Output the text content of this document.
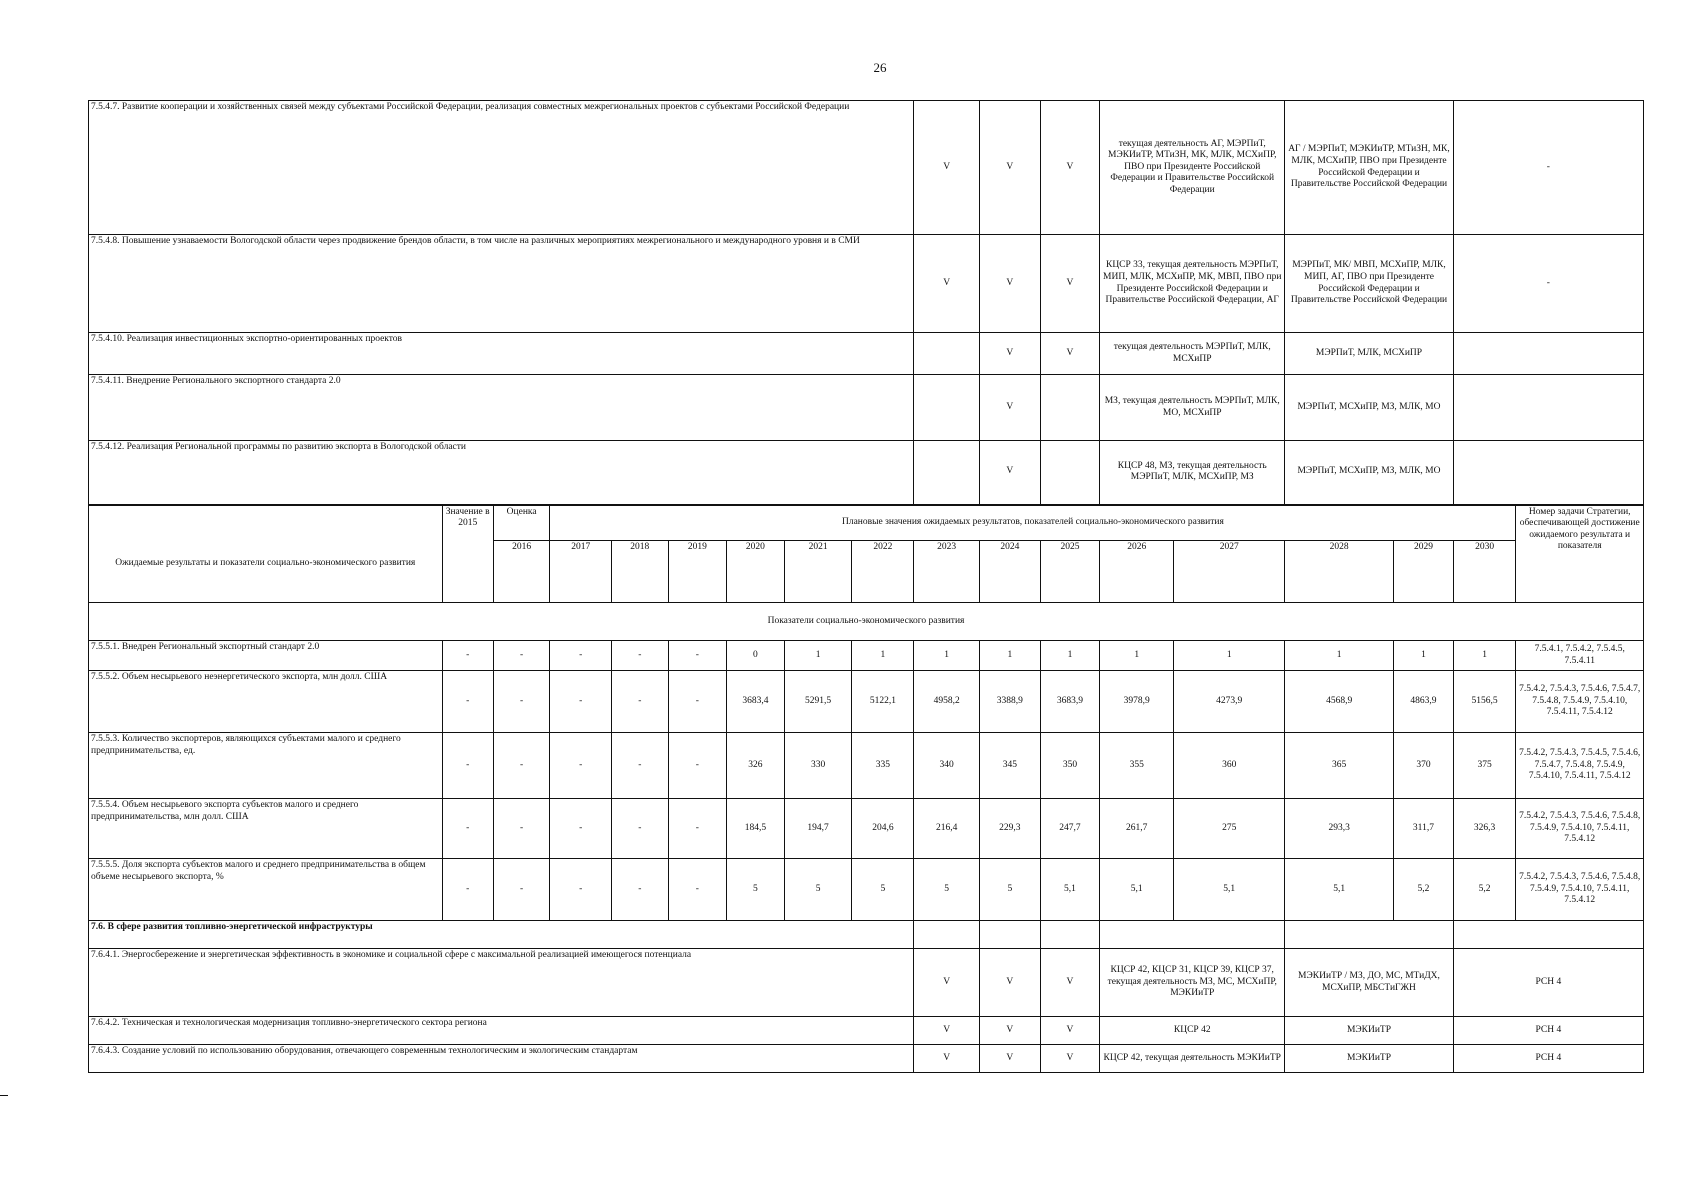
26
7.5.4.7. Развитие кооперации и хозяйственных связей между субъектами Российской Федерации, реализация совместных межрегиональных проектов с субъектами Российской Федерации									V	V	V	текущая деятельность АГ, МЭРПиТ, МЭКИиТР, МТиЗН, МК, МЛК, МСХиПР, ПВО при Президенте Российской Федерации и Правительстве Российской Федерации		АГ / МЭРПиТ, МЭКИиТР, МТиЗН, МК, МЛК, МСХиПР, ПВО при Президенте Российской Федерации и Правительстве Российской Федерации		-	
7.5.4.8. Повышение узнаваемости Вологодской области через продвижение брендов области, в том числе на различных мероприятиях межрегионального и международного уровня и в СМИ									V	V	V	КЦСР 33, текущая деятельность МЭРПиТ, МИП, МЛК, МСХиПР, МК, МВП, ПВО при Президенте Российской Федерации и Правительстве Российской Федерации, АГ		МЭРПиТ, МК/ МВП, МСХиПР, МЛК, МИП, АГ, ПВО при Президенте Российской Федерации и Правительстве Российской Федерации		-	
7.5.4.10. Реализация инвестиционных экспортно-ориентированных проектов										V	V	текущая деятельность МЭРПиТ, МЛК, МСХиПР		МЭРПиТ, МЛК, МСХиПР			
7.5.4.11. Внедрение Регионального экспортного стандарта 2.0										V		МЗ, текущая деятельность МЭРПиТ, МЛК, МО, МСХиПР		МЭРПиТ, МСХиПР, МЗ, МЛК, МО			
7.5.4.12. Реализация Региональной программы по развитию экспорта в Вологодской области										V		КЦСР 48, МЗ, текущая деятельность МЭРПиТ, МЛК, МСХиПР, МЗ		МЭРПиТ, МСХиПР, МЗ, МЛК, МО			
Ожидаемые результаты и показатели социально-экономического развития	Значение в 2015	Оценка	Плановые значения ожидаемых результатов, показателей социально-экономического развития														Номер задачи Стратегии, обеспечивающей достижение ожидаемого результата и показателя
		2016	2017	2018	2019	2020	2021	2022	2023	2024	2025	2026	2027	2028	2029	2030	
Показатели социально-экономического развития																	
7.5.5.1. Внедрен Региональный экспортный стандарт 2.0	-	-	-	-	-	0	1	1	1	1	1	1	1	1	1	1	7.5.4.1, 7.5.4.2, 7.5.4.5, 7.5.4.11
7.5.5.2. Объем несырьевого неэнергетического экспорта, млн долл. США	-	-	-	-	-	3683,4	5291,5	5122,1	4958,2	3388,9	3683,9	3978,9	4273,9	4568,9	4863,9	5156,5	7.5.4.2, 7.5.4.3, 7.5.4.6, 7.5.4.7, 7.5.4.8, 7.5.4.9, 7.5.4.10, 7.5.4.11, 7.5.4.12
7.5.5.3. Количество экспортеров, являющихся субъектами малого и среднего предпринимательства, ед.	-	-	-	-	-	326	330	335	340	345	350	355	360	365	370	375	7.5.4.2, 7.5.4.3, 7.5.4.5, 7.5.4.6, 7.5.4.7, 7.5.4.8, 7.5.4.9, 7.5.4.10, 7.5.4.11, 7.5.4.12
7.5.5.4. Объем несырьевого экспорта субъектов малого и среднего предпринимательства, млн долл. США	-	-	-	-	-	184,5	194,7	204,6	216,4	229,3	247,7	261,7	275	293,3	311,7	326,3	7.5.4.2, 7.5.4.3, 7.5.4.6, 7.5.4.8, 7.5.4.9, 7.5.4.10, 7.5.4.11, 7.5.4.12
7.5.5.5. Доля экспорта субъектов малого и среднего предпринимательства в общем объеме несырьевого экспорта, %	-	-	-	-	-	5	5	5	5	5	5,1	5,1	5,1	5,1	5,2	5,2	7.5.4.2, 7.5.4.3, 7.5.4.6, 7.5.4.8, 7.5.4.9, 7.5.4.10, 7.5.4.11, 7.5.4.12
7.6. В сфере развития топливно-энергетической инфраструктуры																	
7.6.4.1. Энергосбережение и энергетическая эффективность в экономике и социальной сфере с максимальной реализацией имеющегося потенциала									V	V	V	КЦСР 42, КЦСР 31, КЦСР 39, КЦСР 37, текущая деятельность МЗ, МС, МСХиПР, МЭКИиТР		МЭКИиТР / МЗ, ДО, МС, МТиДХ, МСХиПР, МБСТиГЖН		РСН 4	
7.6.4.2. Техническая и технологическая модернизация топливно-энергетического сектора региона									V	V	V	КЦСР 42		МЭКИиТР		РСН 4	
7.6.4.3. Создание условий по использованию оборудования, отвечающего современным технологическим и экологическим стандартам									V	V	V	КЦСР 42, текущая деятельность МЭКИиТР		МЭКИиТР		РСН 4	
